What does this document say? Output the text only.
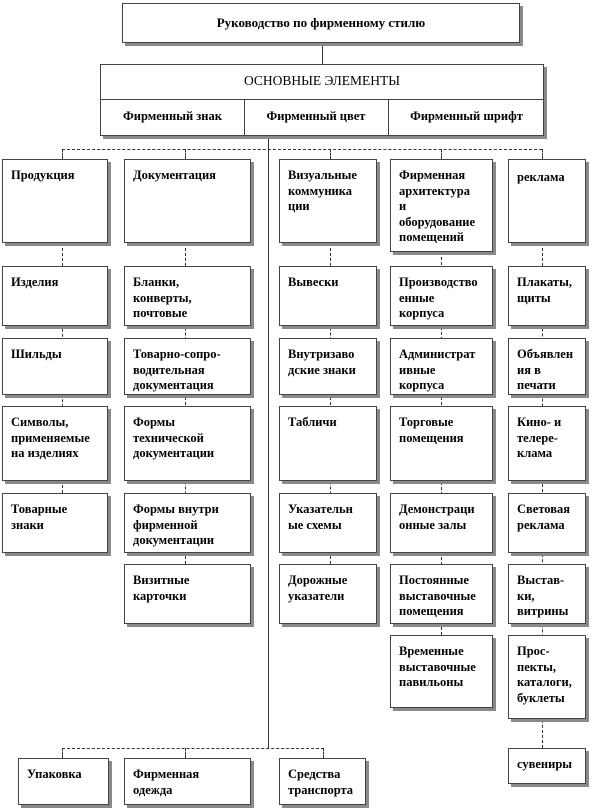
Руководство по фирменному стилю
ОСНОВНЫЕ ЭЛЕМЕНТЫ
Фирменный знак	Фирменный цвет	Фирменный шрифт
Продукция
Изделия
Шильды
Символы,
применяемые
на изделиях
Товарные
знаки
Документация
Бланки,
конверты,
почтовые
Товарно-сопро-
водительная
документация
Формы
технической
документации
Формы внутри
фирменной
документации
Визитные
карточки
Визуальные
коммуника
ции
Вывески
Внутризаво
дские знаки
Табличи
Указательн
ые схемы
Дорожные
указатели
Фирменная
архитектура
и
оборудование
помещений
Производство
енные
корпуса
Администрат
ивные
корпуса
Торговые
помещения
Демонстраци
онные залы
Постоянные
выставочные
помещения
Временные
выставочные
павильоны
реклама
Плакаты,
щиты
Объявлен
ия в
печати
Кино- и
телере-
клама
Световая
реклама
Выстав-
ки,
витрины
Прос-
пекты,
каталоги,
буклеты
сувениры
Упаковка	Фирменная
одежда
Средства
транспорта
